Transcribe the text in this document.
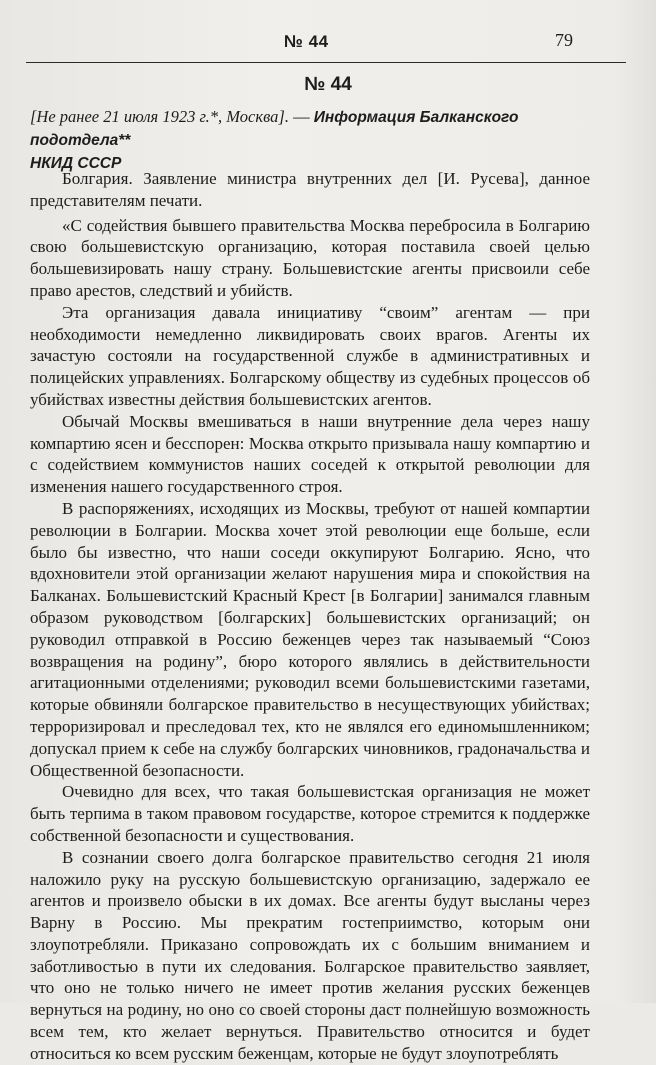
№ 44	79
№ 44
[Не ранее 21 июля 1923 г.*, Москва]. — Информация Балканского подотдела**
НКИД СССР

Болгария. Заявление министра внутренних дел [И. Русева], данное представителям печати.

«С содействия бывшего правительства Москва перебросила в Болгарию свою большевистскую организацию, которая поставила своей целью большевизировать нашу страну. Большевистские агенты присвоили себе право арестов, следствий и убийств.

Эта организация давала инициативу “своим” агентам — при необходимости немедленно ликвидировать своих врагов. Агенты их зачастую состояли на государственной службе в административных и полицейских управлениях. Болгарскому обществу из судебных процессов об убийствах известны действия большевистских агентов.

Обычай Москвы вмешиваться в наши внутренние дела через нашу компартию ясен и бесспорен: Москва открыто призывала нашу компартию и с содействием коммунистов наших соседей к открытой революции для изменения нашего государственного строя.

В распоряжениях, исходящих из Москвы, требуют от нашей компартии революции в Болгарии. Москва хочет этой революции еще больше, если было бы известно, что наши соседи оккупируют Болгарию. Ясно, что вдохновители этой организации желают нарушения мира и спокойствия на Балканах. Большевистский Красный Крест [в Болгарии] занимался главным образом руководством [болгарских] большевистских организаций; он руководил отправкой в Россию беженцев через так называемый “Союз возвращения на родину”, бюро которого являлись в действительности агитационными отделениями; руководил всеми большевистскими газетами, которые обвиняли болгарское правительство в несуществующих убийствах; терроризировал и преследовал тех, кто не являлся его единомышленником; допускал прием к себе на службу болгарских чиновников, градоначальства и Общественной безопасности.

Очевидно для всех, что такая большевистская организация не может быть терпима в таком правовом государстве, которое стремится к поддержке собственной безопасности и существования.

В сознании своего долга болгарское правительство сегодня 21 июля наложило руку на русскую большевистскую организацию, задержало ее агентов и произвело обыски в их домах. Все агенты будут высланы через Варну в Россию. Мы прекратим гостеприимство, которым они злоупотребляли. Приказано сопровождать их с большим вниманием и заботливостью в пути их следования. Болгарское правительство заявляет, что оно не только ничего не имеет против желания русских беженцев вернуться на родину, но оно со своей стороны даст полнейшую возможность всем тем, кто желает вернуться. Правительство относится и будет относиться ко всем русским беженцам, которые не будут злоупотреблять
